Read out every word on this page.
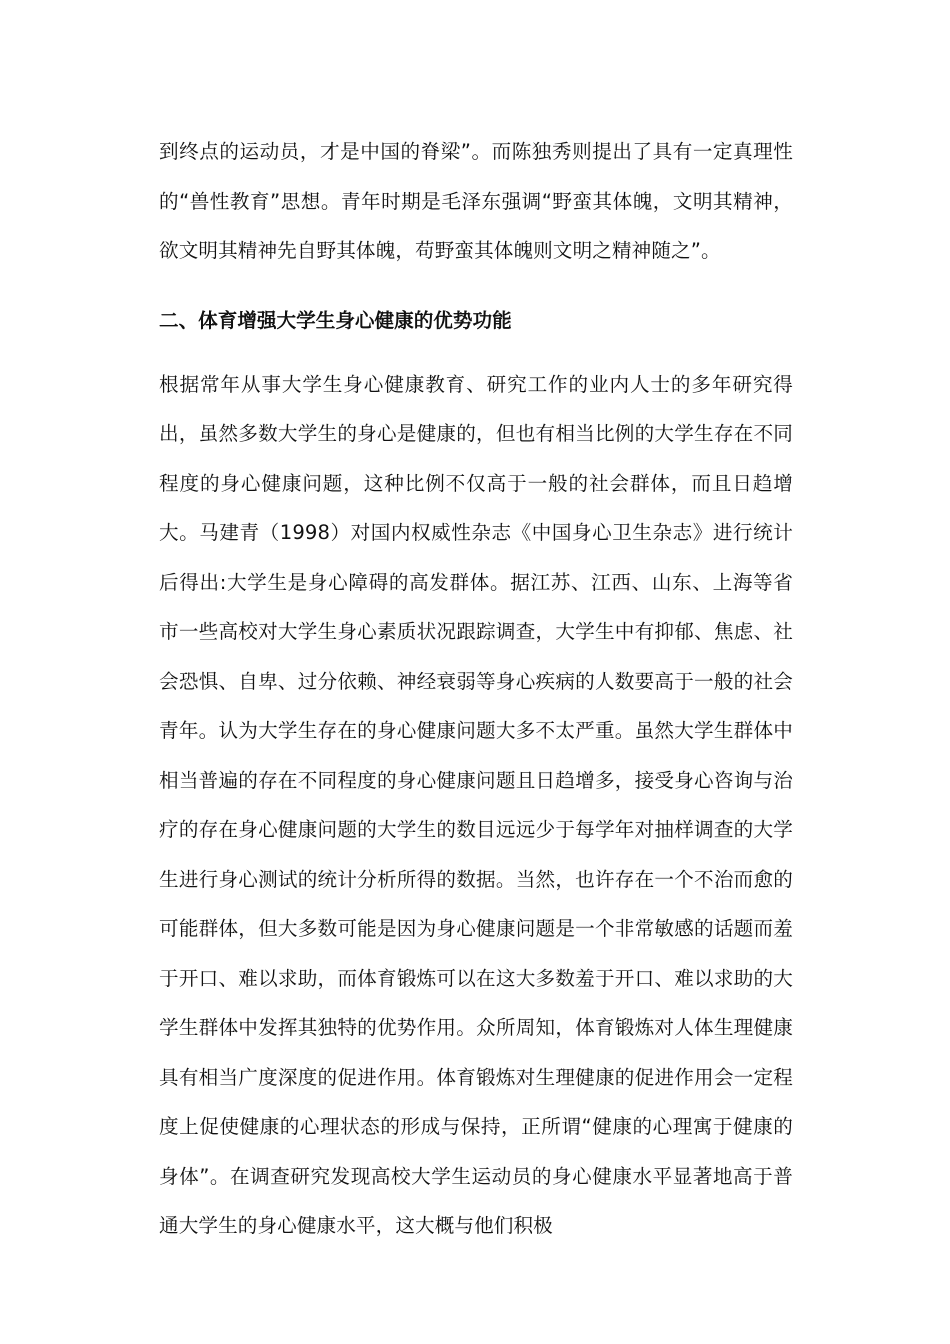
到终点的运动员，才是中国的脊梁”。而陈独秀则提出了具有一定真理性的“兽性教育”思想。青年时期是毛泽东强调“野蛮其体魄，文明其精神，欲文明其精神先自野其体魄，苟野蛮其体魄则文明之精神随之”。

二、体育增强大学生身心健康的优势功能

根据常年从事大学生身心健康教育、研究工作的业内人士的多年研究得出，虽然多数大学生的身心是健康的，但也有相当比例的大学生存在不同程度的身心健康问题，这种比例不仅高于一般的社会群体，而且日趋增大。马建青（1998）对国内权威性杂志《中国身心卫生杂志》进行统计后得出:大学生是身心障碍的高发群体。据江苏、江西、山东、上海等省市一些高校对大学生身心素质状况跟踪调查，大学生中有抑郁、焦虑、社会恐惧、自卑、过分依赖、神经衰弱等身心疾病的人数要高于一般的社会青年。认为大学生存在的身心健康问题大多不太严重。虽然大学生群体中相当普遍的存在不同程度的身心健康问题且日趋增多，接受身心咨询与治疗的存在身心健康问题的大学生的数目远远少于每学年对抽样调查的大学生进行身心测试的统计分析所得的数据。当然，也许存在一个不治而愈的可能群体，但大多数可能是因为身心健康问题是一个非常敏感的话题而羞于开口、难以求助，而体育锻炼可以在这大多数羞于开口、难以求助的大学生群体中发挥其独特的优势作用。众所周知，体育锻炼对人体生理健康具有相当广度深度的促进作用。体育锻炼对生理健康的促进作用会一定程度上促使健康的心理状态的形成与保持，正所谓“健康的心理寓于健康的身体”。在调查研究发现高校大学生运动员的身心健康水平显著地高于普通大学生的身心健康水平，这大概与他们积极
